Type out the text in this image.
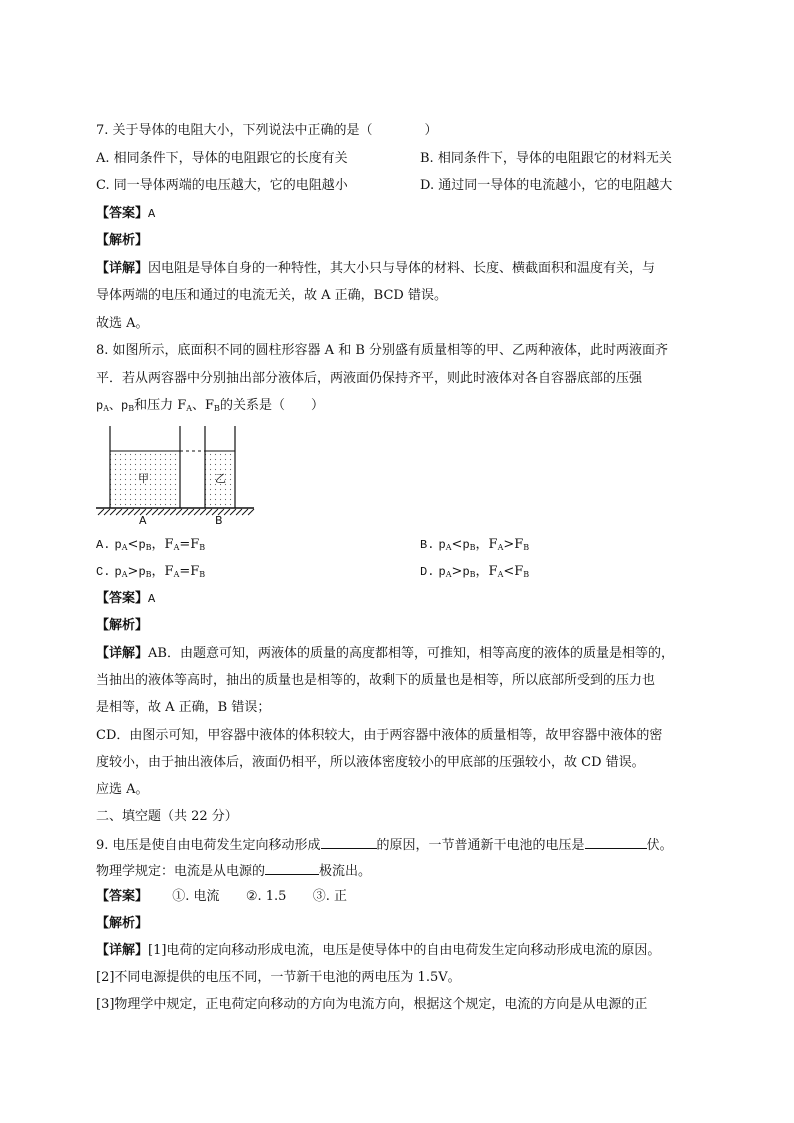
7. 关于导体的电阻大小，下列说法中正确的是（　　　　）
A. 相同条件下，导体的电阻跟它的长度有关	B. 相同条件下，导体的电阻跟它的材料无关
C. 同一导体两端的电压越大，它的电阻越小	D. 通过同一导体的电流越小，它的电阻越大
【答案】A
【解析】
【详解】因电阻是导体自身的一种特性，其大小只与导体的材料、长度、横截面积和温度有关，与
导体两端的电压和通过的电流无关，故 A 正确，BCD 错误。
故选 A。
8. 如图所示，底面积不同的圆柱形容器 A 和 B 分别盛有质量相等的甲、乙两种液体，此时两液面齐
平．若从两容器中分别抽出部分液体后，两液面仍保持齐平，则此时液体对各自容器底部的压强
$p_A$、$p_B$和压力 $F_A$、$F_B$的关系是（　　）
甲	乙
A	B
A. $p_A<p_B$，$F_A=F_B$	B. $p_A<p_B$，$F_A>F_B$
C. $p_A>p_B$，$F_A=F_B$	D. $p_A>p_B$，$F_A<F_B$
【答案】A
【解析】
【详解】AB．由题意可知，两液体的质量的高度都相等，可推知，相等高度的液体的质量是相等的，
当抽出的液体等高时，抽出的质量也是相等的，故剩下的质量也是相等，所以底部所受到的压力也
是相等，故 A 正确，B 错误；
CD．由图示可知，甲容器中液体的体积较大，由于两容器中液体的质量相等，故甲容器中液体的密
度较小，由于抽出液体后，液面仍相平，所以液体密度较小的甲底部的压强较小，故 CD 错误。
应选 A。
二、填空题（共 22 分）
9. 电压是使自由电荷发生定向移动形成	的原因，一节普通新干电池的电压是	伏。
物理学规定：电流是从电源的	极流出。
【答案】 ①. 电流 ②. 1.5 ③. 正
【解析】
【详解】[1]电荷的定向移动形成电流，电压是使导体中的自由电荷发生定向移动形成电流的原因。
[2]不同电源提供的电压不同，一节新干电池的两电压为 1.5V。
[3]物理学中规定，正电荷定向移动的方向为电流方向，根据这个规定，电流的方向是从电源的正
